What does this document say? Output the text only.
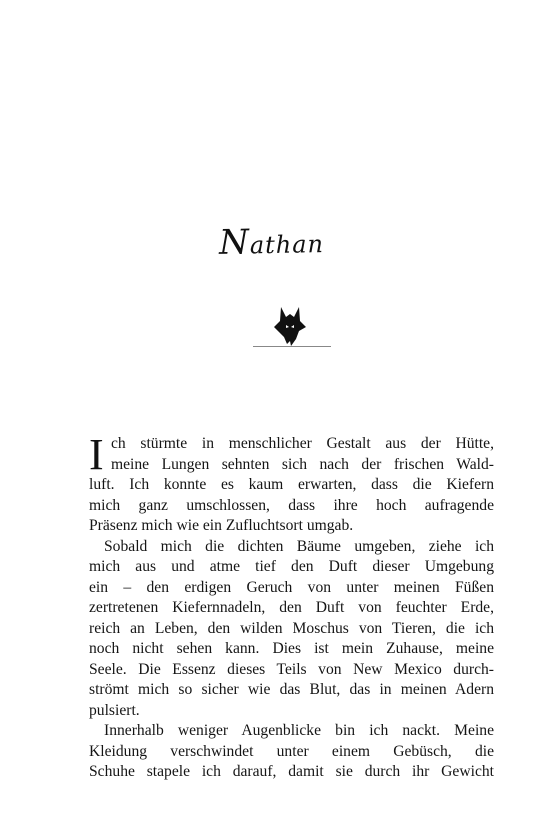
Nathan
I ch stürmte in menschlicher Gestalt aus der Hütte,
meine Lungen sehnten sich nach der frischen Wald-
luft. Ich konnte es kaum erwarten, dass die Kiefern
mich ganz umschlossen, dass ihre hoch aufragende
Präsenz mich wie ein Zufluchtsort umgab.
Sobald mich die dichten Bäume umgeben, ziehe ich
mich aus und atme tief den Duft dieser Umgebung
ein – den erdigen Geruch von unter meinen Füßen
zertretenen Kiefernnadeln, den Duft von feuchter Erde,
reich an Leben, den wilden Moschus von Tieren, die ich
noch nicht sehen kann. Dies ist mein Zuhause, meine
Seele. Die Essenz dieses Teils von New Mexico durch-
strömt mich so sicher wie das Blut, das in meinen Adern
pulsiert.
Innerhalb weniger Augenblicke bin ich nackt. Meine
Kleidung verschwindet unter einem Gebüsch, die
Schuhe stapele ich darauf, damit sie durch ihr Gewicht
